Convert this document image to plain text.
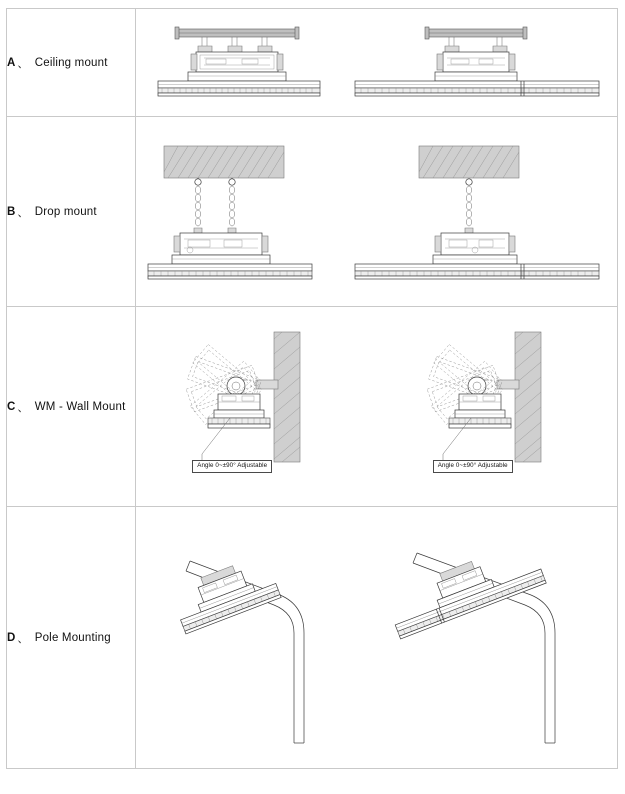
A 、 Ceiling mount

B 、 Drop mount

C 、 WM - Wall Mount

Angle 0~±90° Adjustable	Angle 0~±90° Adjustable

D 、 Pole Mounting
